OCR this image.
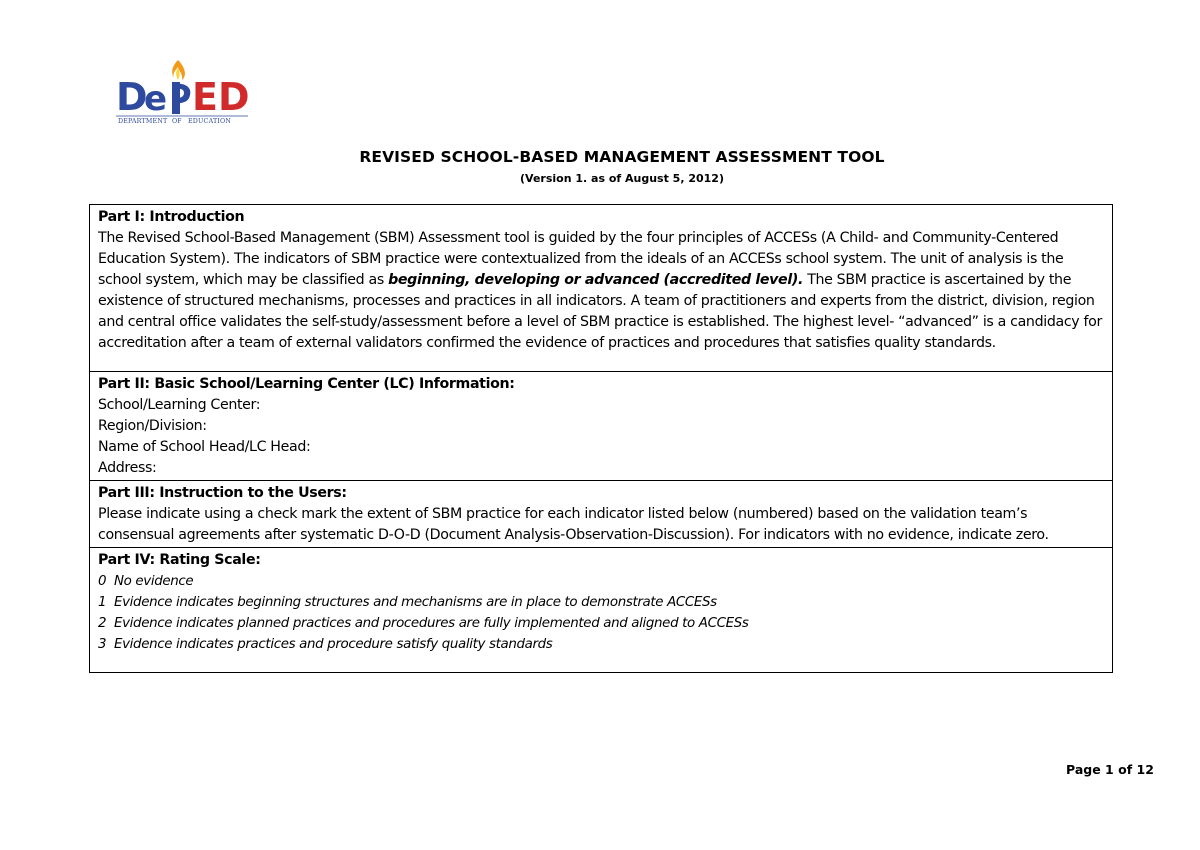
D
e ED
DEPARTMENT OF EDUCATION
REVISED SCHOOL-BASED MANAGEMENT ASSESSMENT TOOL
(Version 1. as of August 5, 2012)
Part I: Introduction
The Revised School-Based Management (SBM) Assessment tool is guided by the four principles of ACCESs (A Child- and Community-Centered Education System). The indicators of SBM practice were contextualized from the ideals of an ACCESs school system. The unit of analysis is the school system, which may be classified as beginning, developing or advanced (accredited level). The SBM practice is ascertained by the existence of structured mechanisms, processes and practices in all indicators. A team of practitioners and experts from the district, division, region and central office validates the self-study/assessment before a level of SBM practice is established. The highest level- “advanced” is a candidacy for accreditation after a team of external validators confirmed the evidence of practices and procedures that satisfies quality standards.

Part II: Basic School/Learning Center (LC) Information:
School/Learning Center:
Region/Division:
Name of School Head/LC Head:
Address:

Part III: Instruction to the Users:
Please indicate using a check mark the extent of SBM practice for each indicator listed below (numbered) based on the validation team’s consensual agreements after systematic D-O-D (Document Analysis-Observation-Discussion). For indicators with no evidence, indicate zero.

Part IV: Rating Scale:
0 No evidence
1 Evidence indicates beginning structures and mechanisms are in place to demonstrate ACCESs
2 Evidence indicates planned practices and procedures are fully implemented and aligned to ACCESs
3 Evidence indicates practices and procedure satisfy quality standards
Page 1 of 12
